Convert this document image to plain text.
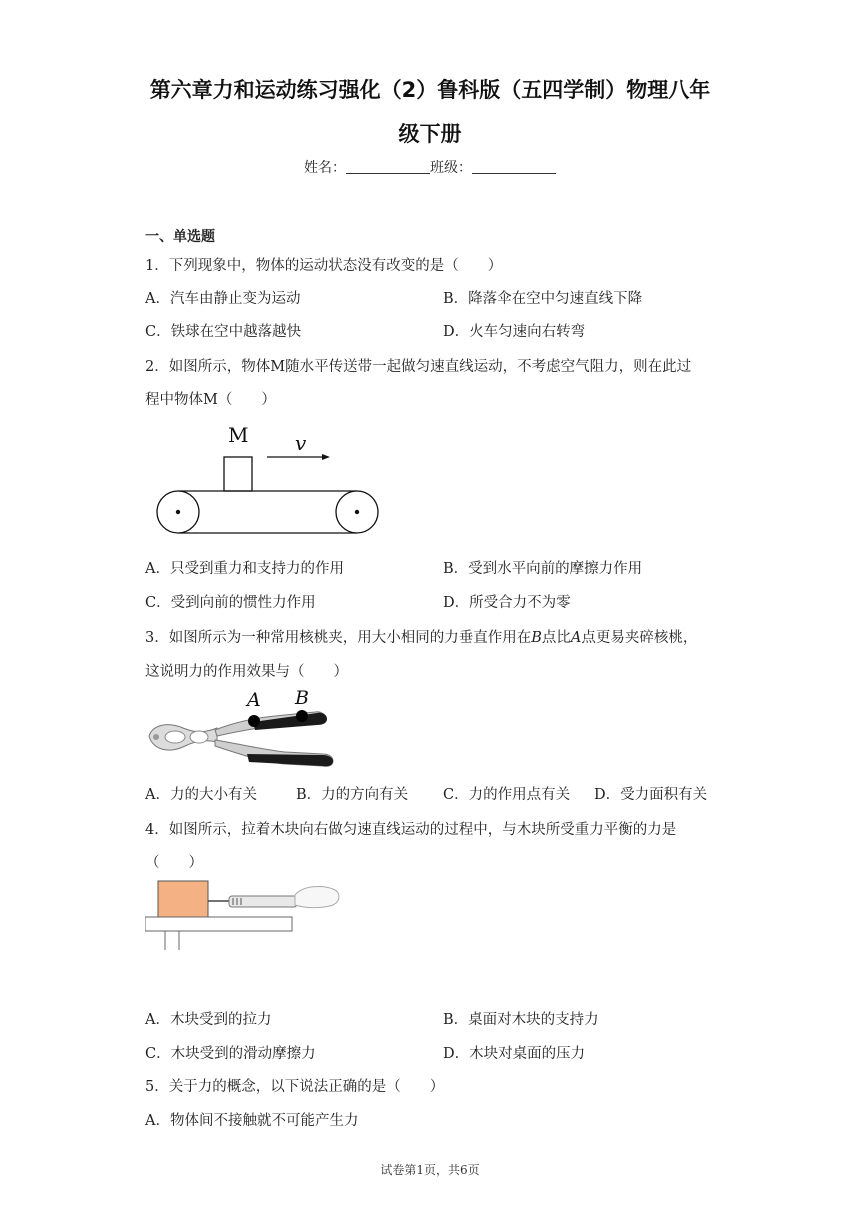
第六章力和运动练习强化（2）鲁科版（五四学制）物理八年
级下册
姓名：	班级：
一、单选题
1．下列现象中，物体的运动状态没有改变的是（　　）
A．汽车由静止变为运动	B．降落伞在空中匀速直线下降
C．铁球在空中越落越快	D．火车匀速向右转弯
2．如图所示，物体M随水平传送带一起做匀速直线运动，不考虑空气阻力，则在此过
程中物体M（　　）
M v
A．只受到重力和支持力的作用	B．受到水平向前的摩擦力作用
C．受到向前的惯性力作用	D．所受合力不为零
3．如图所示为一种常用核桃夹，用大小相同的力垂直作用在B点比A点更易夹碎核桃，
这说明力的作用效果与（　　）
A B
A．力的大小有关	B．力的方向有关 C．力的作用点有关 D．受力面积有关
4．如图所示，拉着木块向右做匀速直线运动的过程中，与木块所受重力平衡的力是
（　　）
A．木块受到的拉力	B．桌面对木块的支持力
C．木块受到的滑动摩擦力	D．木块对桌面的压力
5．关于力的概念，以下说法正确的是（　　）
A．物体间不接触就不可能产生力
试卷第1页，共6页
